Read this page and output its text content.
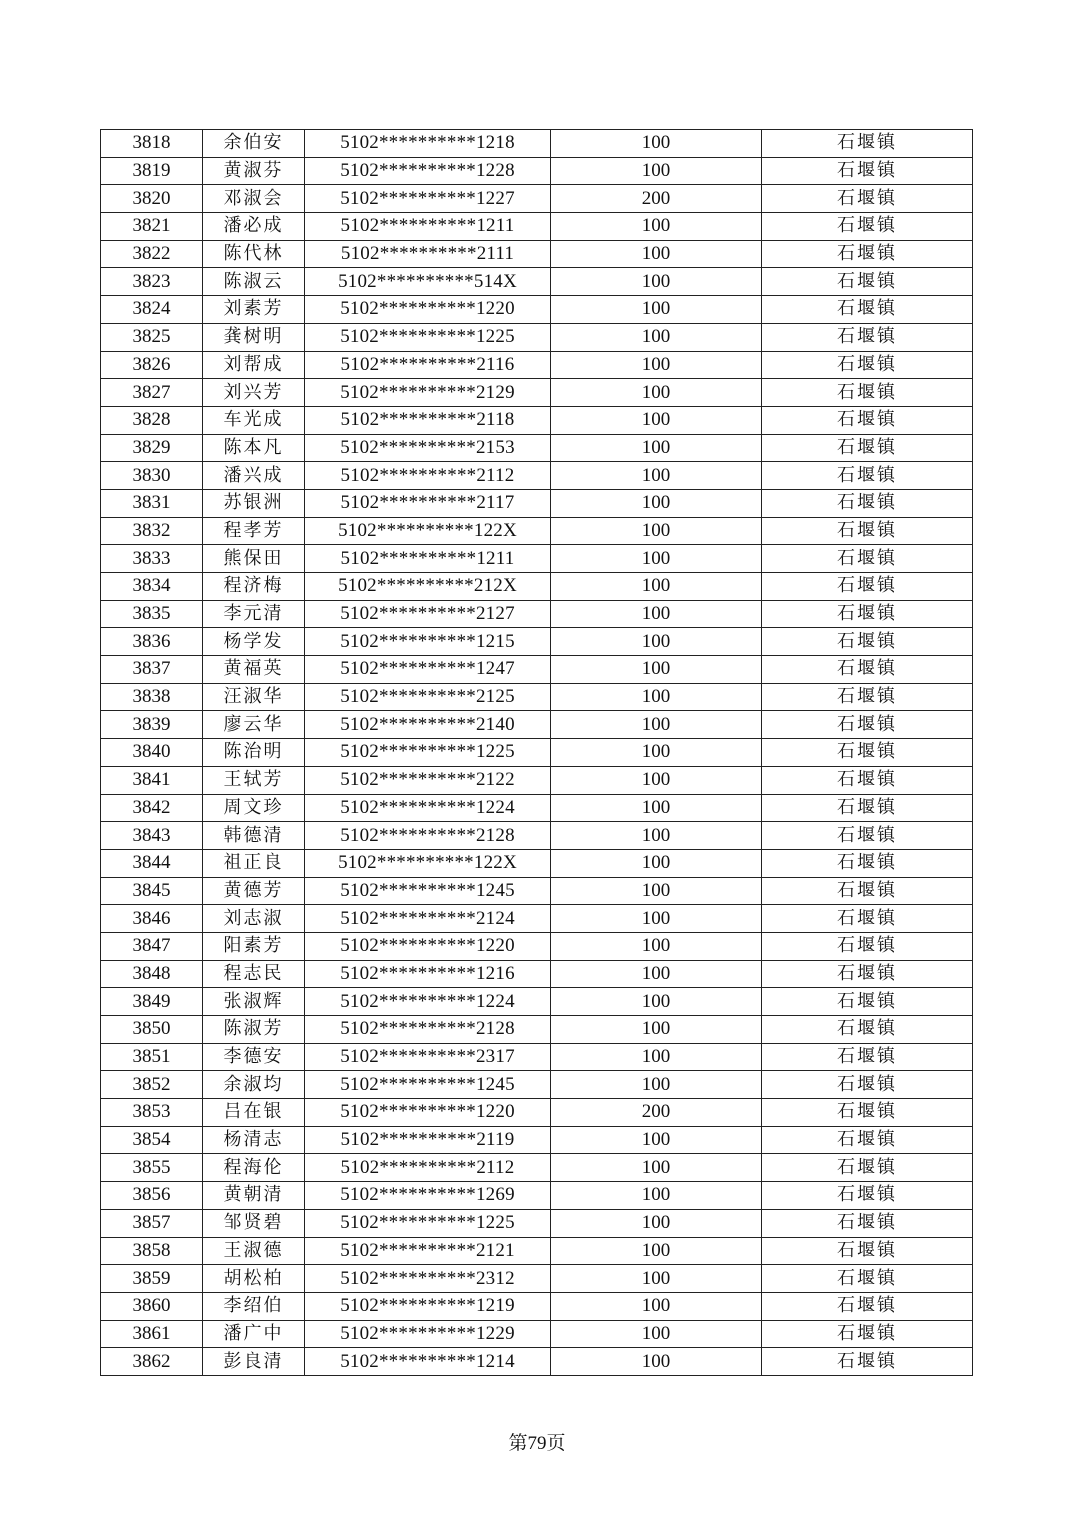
3818	余伯安	5102**********1218	100	石堰镇
3819	黄淑芬	5102**********1228	100	石堰镇
3820	邓淑会	5102**********1227	200	石堰镇
3821	潘必成	5102**********1211	100	石堰镇
3822	陈代林	5102**********2111	100	石堰镇
3823	陈淑云	5102**********514X	100	石堰镇
3824	刘素芳	5102**********1220	100	石堰镇
3825	龚树明	5102**********1225	100	石堰镇
3826	刘帮成	5102**********2116	100	石堰镇
3827	刘兴芳	5102**********2129	100	石堰镇
3828	车光成	5102**********2118	100	石堰镇
3829	陈本凡	5102**********2153	100	石堰镇
3830	潘兴成	5102**********2112	100	石堰镇
3831	苏银洲	5102**********2117	100	石堰镇
3832	程孝芳	5102**********122X	100	石堰镇
3833	熊保田	5102**********1211	100	石堰镇
3834	程济梅	5102**********212X	100	石堰镇
3835	李元清	5102**********2127	100	石堰镇
3836	杨学发	5102**********1215	100	石堰镇
3837	黄福英	5102**********1247	100	石堰镇
3838	汪淑华	5102**********2125	100	石堰镇
3839	廖云华	5102**********2140	100	石堰镇
3840	陈治明	5102**********1225	100	石堰镇
3841	王轼芳	5102**********2122	100	石堰镇
3842	周文珍	5102**********1224	100	石堰镇
3843	韩德清	5102**********2128	100	石堰镇
3844	祖正良	5102**********122X	100	石堰镇
3845	黄德芳	5102**********1245	100	石堰镇
3846	刘志淑	5102**********2124	100	石堰镇
3847	阳素芳	5102**********1220	100	石堰镇
3848	程志民	5102**********1216	100	石堰镇
3849	张淑辉	5102**********1224	100	石堰镇
3850	陈淑芳	5102**********2128	100	石堰镇
3851	李德安	5102**********2317	100	石堰镇
3852	余淑均	5102**********1245	100	石堰镇
3853	吕在银	5102**********1220	200	石堰镇
3854	杨清志	5102**********2119	100	石堰镇
3855	程海伦	5102**********2112	100	石堰镇
3856	黄朝清	5102**********1269	100	石堰镇
3857	邹贤碧	5102**********1225	100	石堰镇
3858	王淑德	5102**********2121	100	石堰镇
3859	胡松柏	5102**********2312	100	石堰镇
3860	李绍伯	5102**********1219	100	石堰镇
3861	潘广中	5102**********1229	100	石堰镇
3862	彭良清	5102**********1214	100	石堰镇
第79页
